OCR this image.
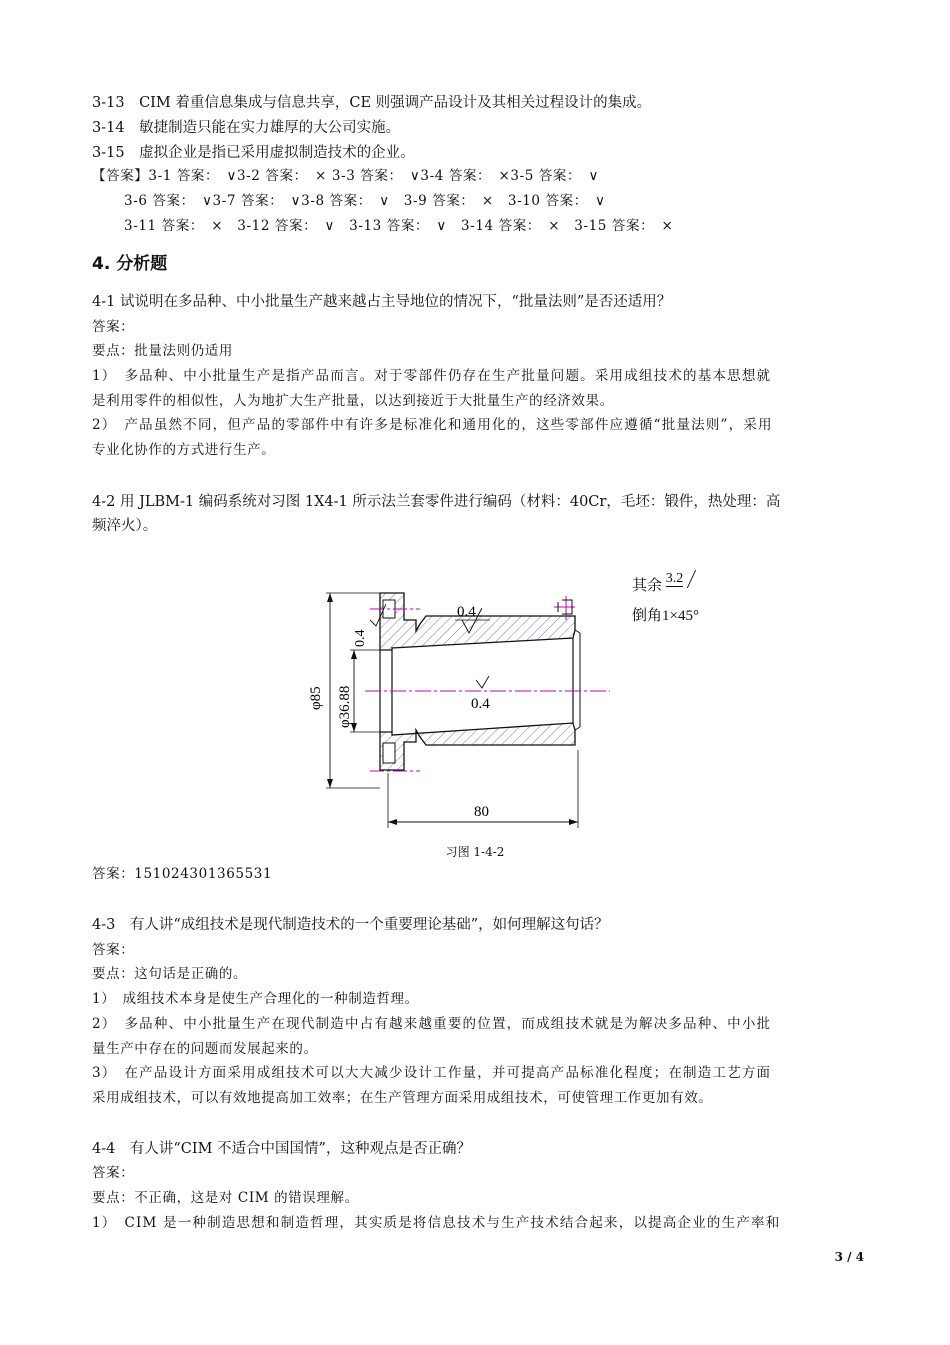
3-13　CIM 着重信息集成与信息共享，CE 则强调产品设计及其相关过程设计的集成。
3-14　敏捷制造只能在实力雄厚的大公司实施。
3-15　虚拟企业是指已采用虚拟制造技术的企业。
【答案】3-1 答案：　∨3-2 答案：　× 3-3 答案：　∨3-4 答案：　×3-5 答案：　∨
3-6 答案：　∨3-7 答案：　∨3-8 答案：　∨　3-9 答案：　×　3-10 答案：　∨
3-11 答案：　×　3-12 答案：　∨　3-13 答案：　∨　3-14 答案：　×　3-15 答案：　×
4. 分析题
4-1 试说明在多品种、中小批量生产越来越占主导地位的情况下，“批量法则”是否还适用？
答案：
要点：批量法则仍适用
1）　多品种、中小批量生产是指产品而言。对于零部件仍存在生产批量问题。采用成组技术的基本思想就
是利用零件的相似性，人为地扩大生产批量，以达到接近于大批量生产的经济效果。
2）　产品虽然不同，但产品的零部件中有许多是标准化和通用化的，这些零部件应遵循“批量法则”，采用
专业化协作的方式进行生产。
4-2 用 JLBM-1 编码系统对习图 1X4-1 所示法兰套零件进行编码（材料：40Cr，毛坯：锻件，热处理：高
频淬火）。
φ85 φ36.88
0.4
0.4
0.4
80
其余 3.2
倒角1×45°
习图 1-4-2
答案：151024301365531
4-3　有人讲“成组技术是现代制造技术的一个重要理论基础”，如何理解这句话？
答案：
要点：这句话是正确的。
1）　成组技术本身是使生产合理化的一种制造哲理。
2）　多品种、中小批量生产在现代制造中占有越来越重要的位置，而成组技术就是为解决多品种、中小批
量生产中存在的问题而发展起来的。
3）　在产品设计方面采用成组技术可以大大减少设计工作量，并可提高产品标准化程度；在制造工艺方面
采用成组技术，可以有效地提高加工效率；在生产管理方面采用成组技术，可使管理工作更加有效。
4-4　有人讲“CIM 不适合中国国情”，这种观点是否正确？
答案：
要点：不正确，这是对 CIM 的错误理解。
1）　CIM 是一种制造思想和制造哲理，其实质是将信息技术与生产技术结合起来，以提高企业的生产率和
3 / 4
